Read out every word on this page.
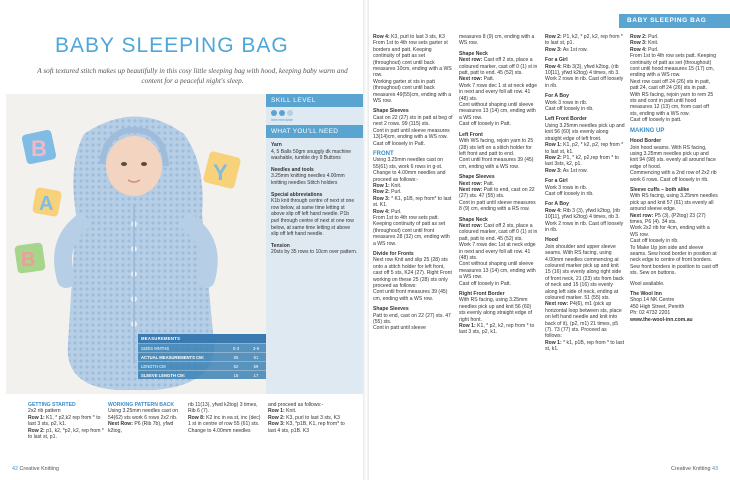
BABY SLEEPING BAG

A soft textured stitch makes up beautifully in this cosy little sleeping bag with hood, keeping baby warm and content for a peaceful night's sleep.

B
A
B
Y
SKILL LEVEL
intermediate
WHAT YOU'LL NEED
Yarn
4, 5 Balls 50gm snuggly dk machine washable, tumble dry 9 Buttons
Needles and tools
3.25mm knitting needles 4.00mm knitting needles Stitch holders
Special abbreviations
K1b knit through centre of next st one row below, at same time letting st above slip off left hand needle. P1b purl through centre of next st one row below, at same time letting st above slip off left hand needle.
Tension
20sts by 35 rows to 10cm over pattern.
MEASUREMENTS
SIZES MNTHS	0-3	3-6
ACTUAL MEASUREMENTS CM:	55	61
LENGTH CM	52	59
SLEEVE LENGTH CM:	15	17

GETTING STARTED

2x2 rib pattern

Row 1: K1, * p2,k2 rep from * to last 3 sts, p2, k1.

Row 2: p1, k2, *p2, k2, rep from * to last st, p1.

WORKING PATTERN BACK

Using 3.25mm needles cast on 54(62) sts work 6 rows 2x2 rib.

Next Row: P6 (Rib 7b), yfwd k2tog,

rib 11(13), yfwd k2tog) 3 times, Rib 6 (7).

Row 8: K2 inc in ea st, inc (dec) 1 st in centre of row 55 (61) sts.

Change to 4.00mm needles

and proceed as follows:-

Row 1: Knit.

Row 2: K3, purl to last 3 sts, K3

Row 3: K3, *p1B, K1, rep from* to last 4 sts, p1B. K3

BABY SLEEPING BAG

Row 4: K3, purl to last 3 sts, K3

From 1st to 4th row sets garter st borders and patt. Keeping continuity of patt as set (throughout) cont until back measures 10cm, ending with a WS row.

Working garter st sts in patt (throughout) cont until back measures 49(55)cm, ending with a WS row.

Shape Sleeves

Cast on 22 (27) sts in patt at beg of next 2 rows. 99 (115) sts.

Cont in patt until sleeve measures 13(14)cm, ending with a WS row. Cast off loosely in Patt.

FRONT

Using 3.25mm needles cast on 55(61) sts, work 6 rows in g-st.

Change to 4.00mm needles and proceed as follows:-

Row 1: Knit.

Row 2: Purl.

Row 3: * K1, p1B, rep from* to last st. K1.

Row 4: Purl.

From 1st to 4th row sets patt. Keeping continuity of patt as set (throughout) cont until front measures 28 (32) cm, ending with a WS row.

Divide for Fronts

Next row Knit and slip 25 (28) sts onto a stitch holder for left front, cast off 5 sts, K24 (27). Right Front working on these 25 (28) sts only proceed as follows:

Cont until front measures 39 (45) cm, ending with a WS row.

Shape Sleeves

Patt to end, cast on 22 (27) sts. 47 (55) sts.

Cont in patt until sleeve

measures 8 (9) cm, ending with a WS row.

Shape Neck

Next row: Cast off 2 sts, place a coloured marker, cast off 0 (1) st in patt, patt to end. 45 (52) sts.

Next row: Patt.

Work 7 rows dec 1 st at neck edge in next and every foll alt row. 41 (48) sts.

Cont without shaping until sleeve measures 13 (14) cm, ending with a WS row.

Cast off loosely in Patt.

Left Front

With WS facing, rejoin yarn to 25 (28) sts left on a stitch holder for left front and patt to end.

Cont until front measures 39 (45) cm, ending with a WS row.

Shape Sleeves

Next row: Patt.

Next row: Patt to end, cast on 22 (27) sts. 47 (55) sts.

Cont in patt until sleeve measures 8 (9) cm, ending with a RS row.

Shape Neck

Next row: Cast off 2 sts, place a coloured marker, cast off 0 (1) st in patt, patt to end. 45 (52) sts.

Work 7 rows dec 1st at neck edge in next and every foll alt row. 41 (48) sts.

Cont without shaping until sleeve measures 13 (14) cm, ending with a WS row.

Cast off loosely in Patt.

Right Front Border

With RS facing, using 3.25mm needles pick up and knit 56 (60) sts evenly along straight edge of right front.

Row 1: K1, * p2, k2, rep from * to last 3 sts, p2, k1.

Row 2: P1, k2, * p2, k2, rep from * to last st, p1.

Row 3: As 1st row.

For a Girl

Row 4: Rib 3(3), yfwd k2tog, (rib 10[11], yfwd k2tog) 4 times, rib 3.

Work 2 rows in rib. Cast off loosely in rib.

For A Boy

Work 3 rows in rib.

Cast off loosely in rib.

Left Front Border

Using 3.25mm needles pick up and knit 56 (60) sts evenly along straight edge of left front.

Row 1: K1, p2, * k2, p2, rep from * to last st, k1.

Row 2: P1, * k2, p2,rep from * to last 3sts, k2, p1.

Row 3: As 1st row.

For a Girl

Work 3 rows in rib.

Cast off loosely in rib.

For A Boy

Row 4: Rib 3 (3), yfwd k2tog, (rib 10[11], yfwd k2tog) 4 times, rib 3.

Work 2 rows in rib. Cast off loosely in rib.

Hood

Join shoulder and upper sleeve seams. With RS facing, using 4.00mm needles commencing at coloured marker pick up and knit 15 (16) sts evenly along right side of front neck, 21 (23) sts from back of neck and 15 (16) sts evenly along left side of neck, ending at coloured marker. 51 (55) sts.

Next row: P4(6), m1 (pick up horizontal loop between sts, place on left hand needle and knit into back of it), (p2, m1) 21 times, p5 (7). 73 (77) sts. Proceed as follows:

Row 1: * k1, p1B, rep from * to last st, k1.

Row 2: Purl.

Row 3: Knit.

Row 4: Purl.

From 1st to 4th row sets patt. Keeping continuity of patt as set (throughout) cont until hood measures 15 (17) cm, ending with a WS row.

Next row cast off 24 (26) sts in patt, patt 24, cast off 24 (26) sts in patt.

With RS facing, rejoin yarn to rem 25 sts and cont in patt until hood measures 12 (13) cm, from cast off sts, ending with a WS row.

Cast off loosely in patt.

MAKING UP

Hood Border

Join hood seams. With RS facing, using 3.25mm needles pick up and knit 94 (98) sts. evenly all around face edge of hood.

Commencing with a 2nd row of 2x2 rib work 6 rows. Cast off loosely in rib.

Sleeve cuffs – both alike

With RS facing, using 3.25mm needles pick up and knit 57 (61) sts evenly all around sleeve edge.

Next row: P5 (3), (P2tog) 23 (27) times, P6 (4). 34 sts.

Work 2x2 rib for 4cm, ending with a WS row.

Cast off loosely in rib.

To Make Up join side and sleeve seams. Sew hood border in position at neck edge to centre of front borders. Sew front borders in position to cast off sts. Sew on buttons.

Wool available.

The Wool Inn

Shop 14 NK Centre

450 High Street, Penrith

Ph: 02 4732 2201

www.the-wool-inn.com.au

42 Creative Knitting	Creative Knitting 43
